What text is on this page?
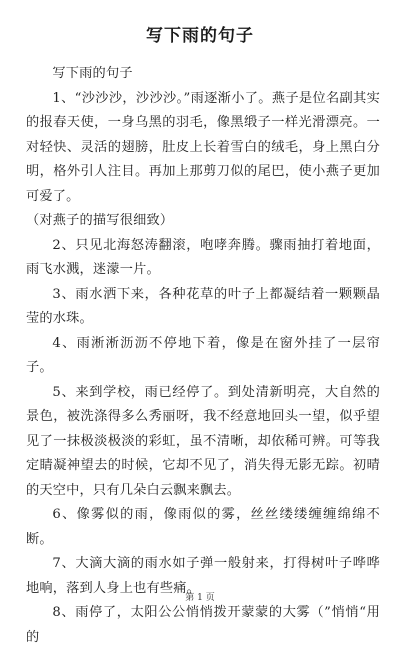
写下雨的句子

写下雨的句子

1、“沙沙沙，沙沙沙。”雨逐渐小了。燕子是位名副其实的报春天使，一身乌黑的羽毛，像黑缎子一样光滑漂亮。一对轻快、灵活的翅膀，肚皮上长着雪白的绒毛，身上黑白分明，格外引人注目。再加上那剪刀似的尾巴，使小燕子更加可爱了。

（对燕子的描写很细致）

2、只见北海怒涛翻滚，咆哮奔腾。骤雨抽打着地面，雨飞水溅，迷濛一片。

3、雨水洒下来，各种花草的叶子上都凝结着一颗颗晶莹的水珠。

4、雨淅淅沥沥不停地下着，像是在窗外挂了一层帘子。

5、来到学校，雨已经停了。到处清新明亮，大自然的景色，被洗涤得多么秀丽呀，我不经意地回头一望，似乎望见了一抹极淡极淡的彩虹，虽不清晰，却依稀可辨。可等我定睛凝神望去的时候，它却不见了，消失得无影无踪。初晴的天空中，只有几朵白云飘来飘去。

6、像雾似的雨，像雨似的雾，丝丝缕缕缠缠绵绵不断。

7、大滴大滴的雨水如子弹一般射来，打得树叶子哗哗地响，落到人身上也有些痛。

8、雨停了，太阳公公悄悄拨开蒙蒙的大雾（”悄悄“用的

第 1 页
